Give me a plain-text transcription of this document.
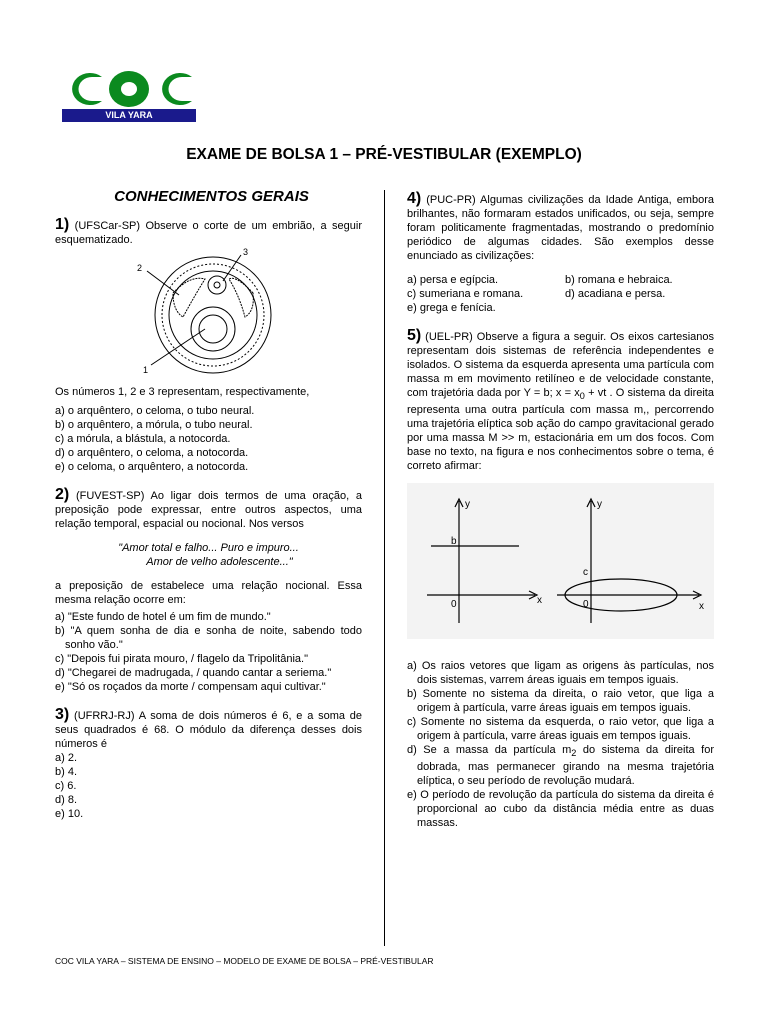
VILA YARA
EXAME DE BOLSA 1 – PRÉ-VESTIBULAR (EXEMPLO)
CONHECIMENTOS GERAIS

1) (UFSCar-SP) Observe o corte de um embrião, a seguir esquematizado.

1
2
3

Os números 1, 2 e 3 representam, respectivamente,

a) o arquêntero, o celoma, o tubo neural.
b) o arquêntero, a mórula, o tubo neural.
c) a mórula, a blástula, a notocorda.
d) o arquêntero, o celoma, a notocorda.
e) o celoma, o arquêntero, a notocorda.

2) (FUVEST-SP) Ao ligar dois termos de uma oração, a preposição pode expressar, entre outros aspectos, uma relação temporal, espacial ou nocional. Nos versos

"Amor total e falho... Puro e impuro...

Amor de velho adolescente..."

a preposição de estabelece uma relação nocional. Essa mesma relação ocorre em:

a) "Este fundo de hotel é um fim de mundo."
b) "A quem sonha de dia e sonha de noite, sabendo todo sonho vão."
c) "Depois fui pirata mouro, / flagelo da Tripolitânia."
d) "Chegarei de madrugada, / quando cantar a seriema."
e) "Só os roçados da morte / compensam aqui cultivar."

3) (UFRRJ-RJ) A soma de dois números é 6, e a soma de seus quadrados é 68. O módulo da diferença desses dois números é

a) 2.
b) 4.
c) 6.
d) 8.
e) 10.

4) (PUC-PR) Algumas civilizações da Idade Antiga, embora brilhantes, não formaram estados unificados, ou seja, sempre foram politicamente fragmentadas, mostrando o predomínio periódico de algumas cidades. São exemplos desse enunciado as civilizações:

a) persa e egípcia.	b) romana e hebraica.
c) sumeriana e romana.	d) acadiana e persa.
e) grega e fenícia.

5) (UEL-PR) Observe a figura a seguir. Os eixos cartesianos representam dois sistemas de referência independentes e isolados. O sistema da esquerda apresenta uma partícula com massa m em movimento retilíneo e de velocidade constante, com trajetória dada por Y = b; $x = x_0$ + vt . O sistema da direita representa uma outra partícula com massa m,, percorrendo uma trajetória elíptica sob ação do campo gravitacional gerado por uma massa M >> m, estacionária em um dos focos. Com base no texto, na figura e nos conhecimentos sobre o tema, é correto afirmar:

y
x
0
b
y
x
0
c
a) Os raios vetores que ligam as origens às partículas, nos dois sistemas, varrem áreas iguais em tempos iguais.
b) Somente no sistema da direita, o raio vetor, que liga a origem à partícula, varre áreas iguais em tempos iguais.
c) Somente no sistema da esquerda, o raio vetor, que liga a origem à partícula, varre áreas iguais em tempos iguais.
d) Se a massa da partícula $m_2$ do sistema da direita for dobrada, mas permanecer girando na mesma trajetória elíptica, o seu período de revolução mudará.
e) O período de revolução da partícula do sistema da direita é proporcional ao cubo da distância média entre as duas massas.
COC VILA YARA – SISTEMA DE ENSINO – MODELO DE EXAME DE BOLSA – PRÉ-VESTIBULAR
